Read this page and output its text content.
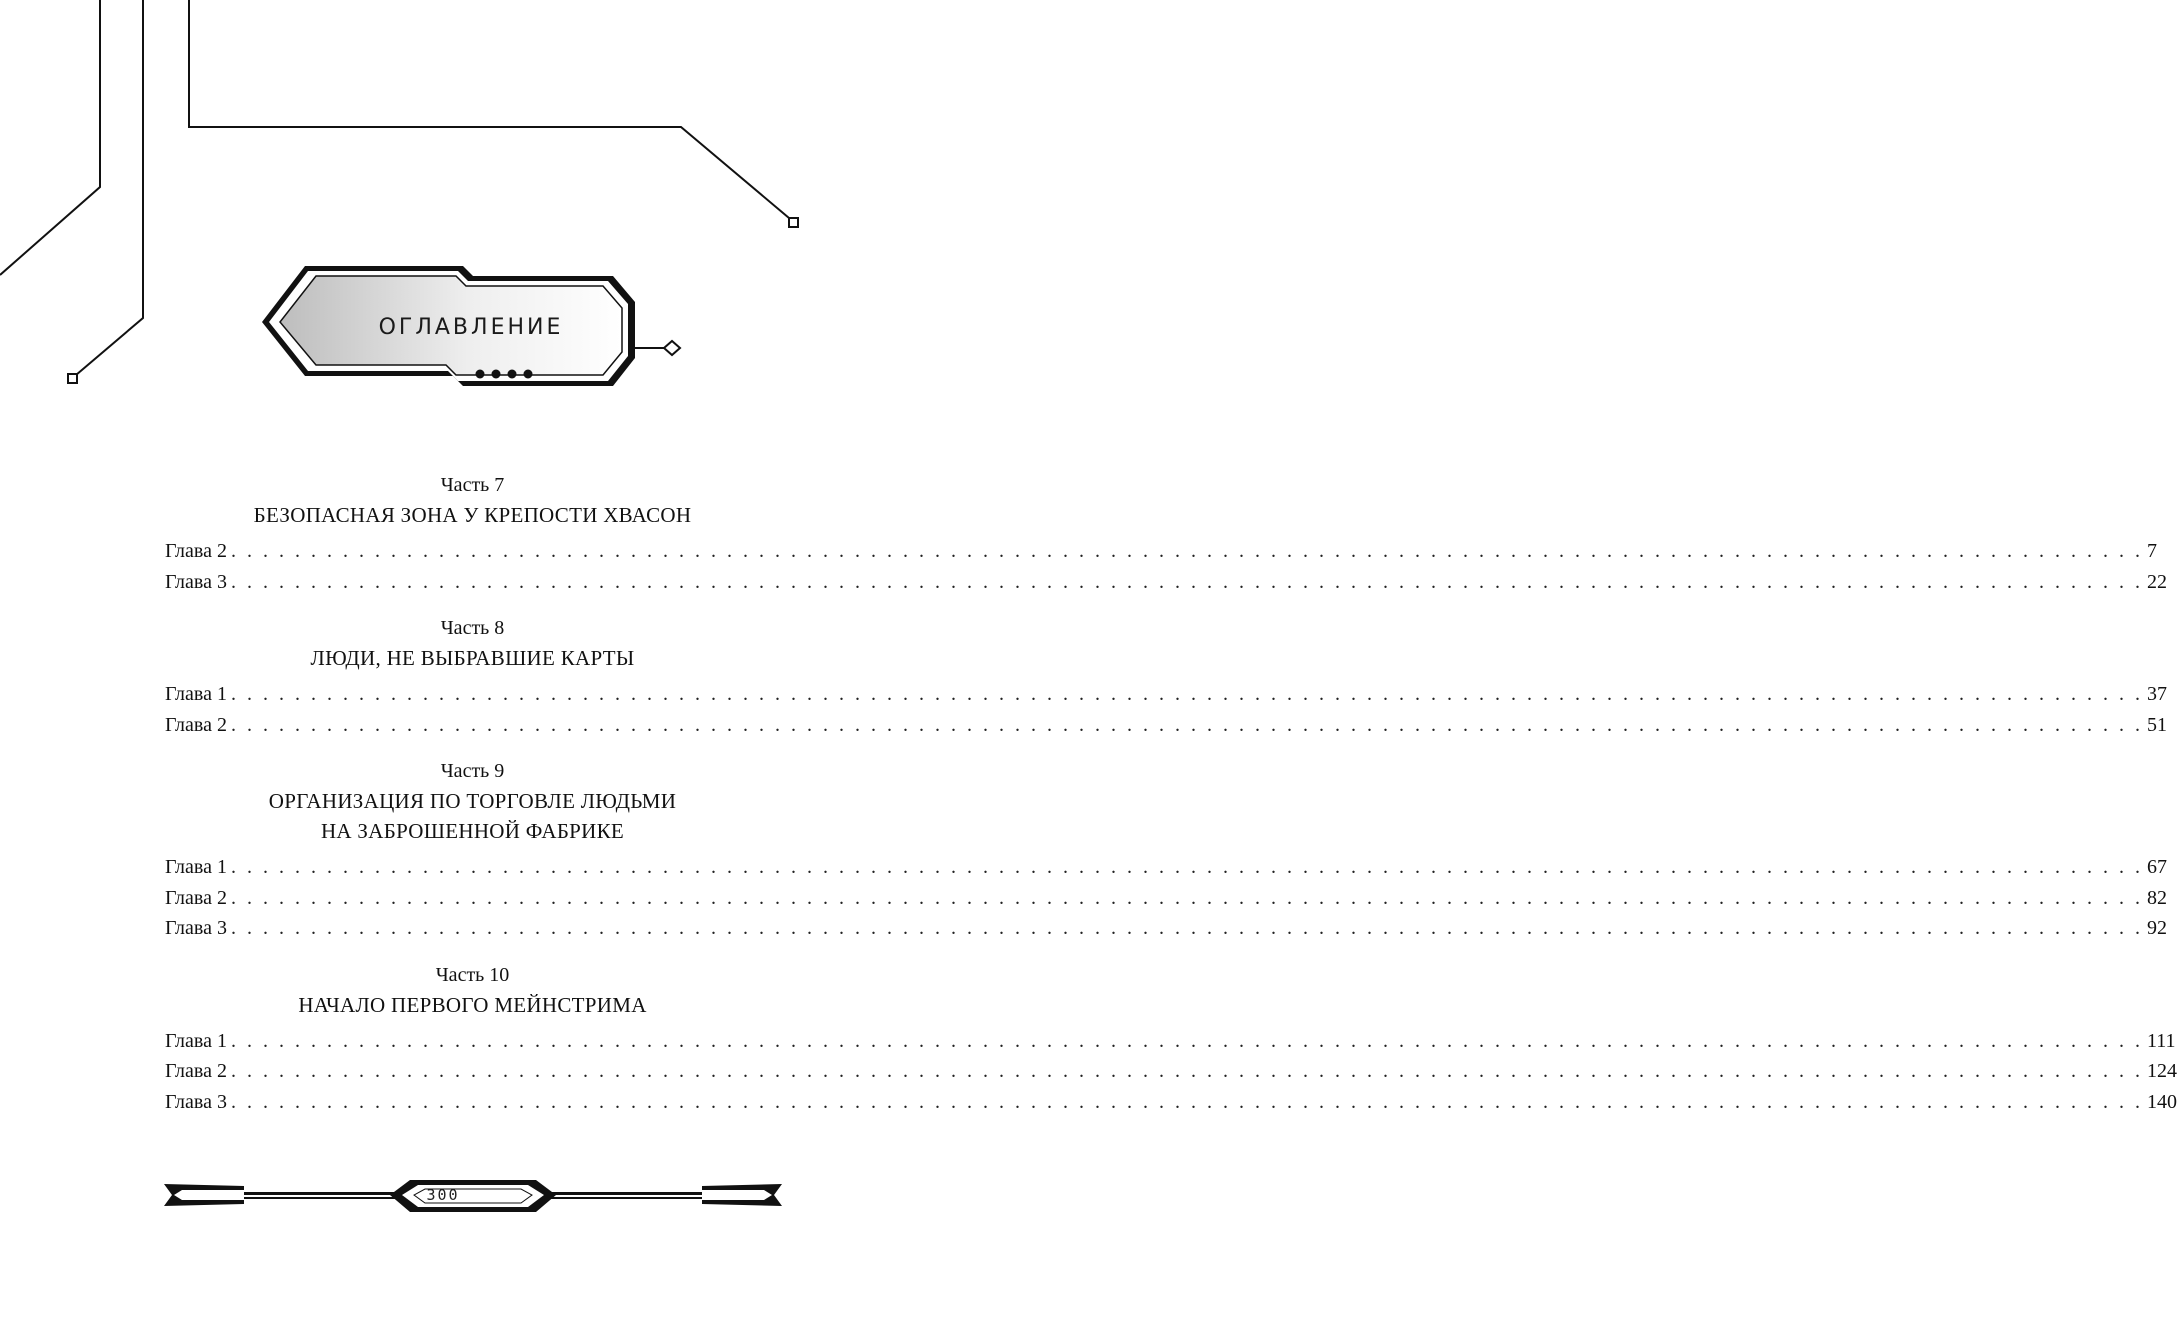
ОГЛАВЛЕНИЕ
Часть 7
БЕЗОПАСНАЯ ЗОНА У КРЕПОСТИ ХВАСОН
Глава 2 . . . . . . . . . . . . . . . . . . . . . . . . . . . . . . . . . . . . . . . . . . . . . . . . . . . . . . . . . . . . . . . . . . . . . . . . . . . . . . . . . . . . . . . . . . . . . . . . . . . . . . . . . . . . . . . . . . . . . . . . 7
Глава 3 . . . . . . . . . . . . . . . . . . . . . . . . . . . . . . . . . . . . . . . . . . . . . . . . . . . . . . . . . . . . . . . . . . . . . . . . . . . . . . . . . . . . . . . . . . . . . . . . . . . . . . . . . . . . . . . . . . . . . . . . 22
Часть 8
ЛЮДИ, НЕ ВЫБРАВШИЕ КАРТЫ
Глава 1 . . . . . . . . . . . . . . . . . . . . . . . . . . . . . . . . . . . . . . . . . . . . . . . . . . . . . . . . . . . . . . . . . . . . . . . . . . . . . . . . . . . . . . . . . . . . . . . . . . . . . . . . . . . . . . . . . . . . . . . . 37
Глава 2 . . . . . . . . . . . . . . . . . . . . . . . . . . . . . . . . . . . . . . . . . . . . . . . . . . . . . . . . . . . . . . . . . . . . . . . . . . . . . . . . . . . . . . . . . . . . . . . . . . . . . . . . . . . . . . . . . . . . . . . . 51
Часть 9
ОРГАНИЗАЦИЯ ПО ТОРГОВЛЕ ЛЮДЬМИ
НА ЗАБРОШЕННОЙ ФАБРИКЕ
Глава 1 . . . . . . . . . . . . . . . . . . . . . . . . . . . . . . . . . . . . . . . . . . . . . . . . . . . . . . . . . . . . . . . . . . . . . . . . . . . . . . . . . . . . . . . . . . . . . . . . . . . . . . . . . . . . . . . . . . . . . . . . 67
Глава 2 . . . . . . . . . . . . . . . . . . . . . . . . . . . . . . . . . . . . . . . . . . . . . . . . . . . . . . . . . . . . . . . . . . . . . . . . . . . . . . . . . . . . . . . . . . . . . . . . . . . . . . . . . . . . . . . . . . . . . . . . 82
Глава 3 . . . . . . . . . . . . . . . . . . . . . . . . . . . . . . . . . . . . . . . . . . . . . . . . . . . . . . . . . . . . . . . . . . . . . . . . . . . . . . . . . . . . . . . . . . . . . . . . . . . . . . . . . . . . . . . . . . . . . . . . 92
Часть 10
НАЧАЛО ПЕРВОГО МЕЙНСТРИМА
Глава 1 . . . . . . . . . . . . . . . . . . . . . . . . . . . . . . . . . . . . . . . . . . . . . . . . . . . . . . . . . . . . . . . . . . . . . . . . . . . . . . . . . . . . . . . . . . . . . . . . . . . . . . . . . . . . . . . . . . . . . . . . 111
Глава 2 . . . . . . . . . . . . . . . . . . . . . . . . . . . . . . . . . . . . . . . . . . . . . . . . . . . . . . . . . . . . . . . . . . . . . . . . . . . . . . . . . . . . . . . . . . . . . . . . . . . . . . . . . . . . . . . . . . . . . . . . 124
Глава 3 . . . . . . . . . . . . . . . . . . . . . . . . . . . . . . . . . . . . . . . . . . . . . . . . . . . . . . . . . . . . . . . . . . . . . . . . . . . . . . . . . . . . . . . . . . . . . . . . . . . . . . . . . . . . . . . . . . . . . . . . 140
300
